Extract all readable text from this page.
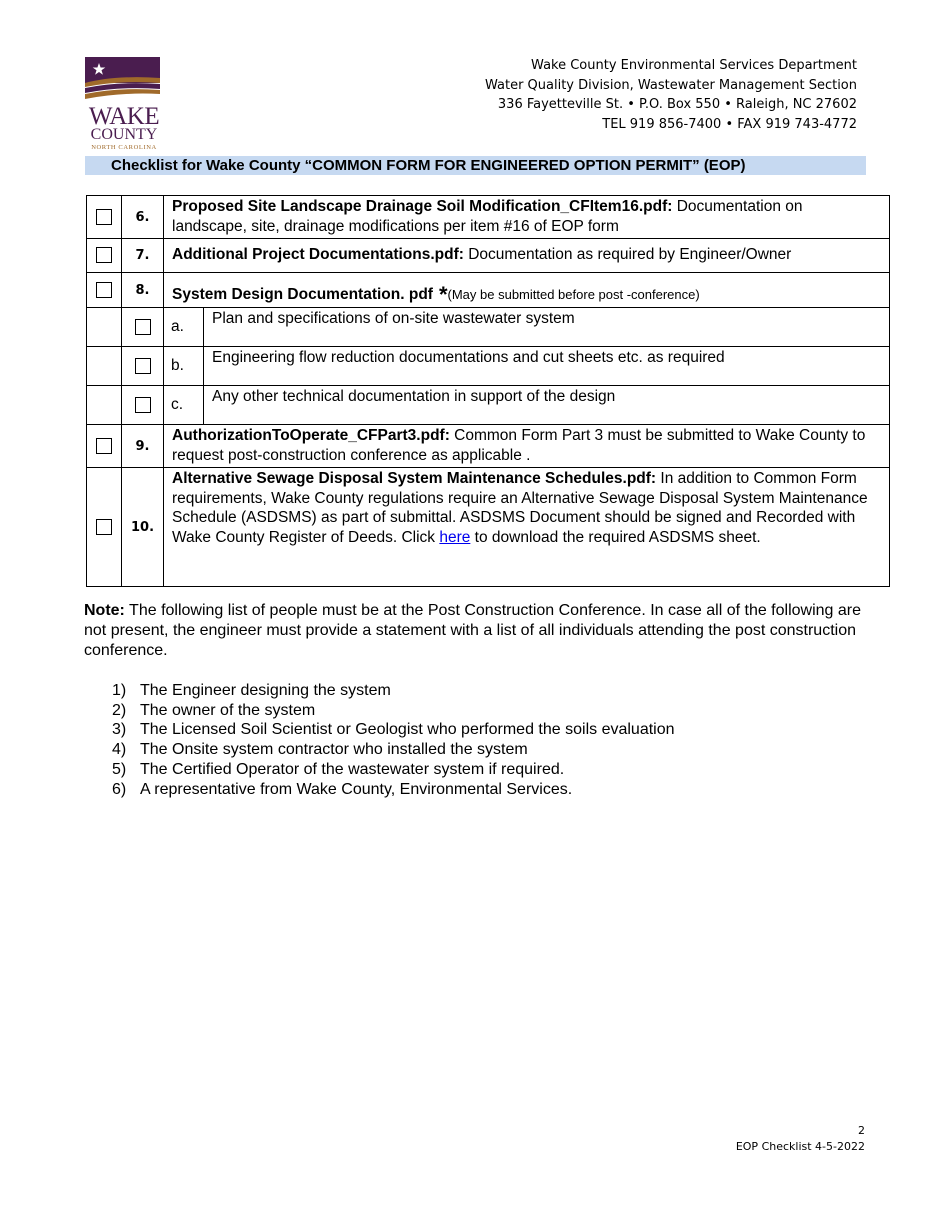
WAKE
COUNTY
NORTH CAROLINA
Wake County Environmental Services Department
Water Quality Division, Wastewater Management Section
336 Fayetteville St. • P.O. Box 550 • Raleigh, NC 27602
TEL 919 856-7400 • FAX 919 743-4772
Checklist for Wake County “COMMON FORM FOR ENGINEERED OPTION PERMIT” (EOP)
	6.	Proposed Site Landscape Drainage Soil Modification_CFItem16.pdf: Documentation on landscape, site, drainage modifications per item #16 of EOP form	
	7.	Additional Project Documentations.pdf: Documentation as required by Engineer/Owner	
	8.	System Design Documentation. pdf *(May be submitted before post -conference)	
		a.	Plan and specifications of on-site wastewater system
		b.	Engineering flow reduction documentations and cut sheets etc. as required
		c.	Any other technical documentation in support of the design
	9.	AuthorizationToOperate_CFPart3.pdf: Common Form Part 3 must be submitted to Wake County to request post-construction conference as applicable .	
	10.	Alternative Sewage Disposal System Maintenance Schedules.pdf: In addition to Common Form requirements, Wake County regulations require an Alternative Sewage Disposal System Maintenance Schedule (ASDSMS) as part of submittal. ASDSMS Document should be signed and Recorded with Wake County Register of Deeds. Click here to download the required ASDSMS sheet.	
Note: The following list of people must be at the Post Construction Conference. In case all of the following are not present, the engineer must provide a statement with a list of all individuals attending the post construction conference.
1) The Engineer designing the system
2) The owner of the system
3) The Licensed Soil Scientist or Geologist who performed the soils evaluation
4) The Onsite system contractor who installed the system
5) The Certified Operator of the wastewater system if required.
6) A representative from Wake County, Environmental Services.
2
EOP Checklist 4-5-2022
